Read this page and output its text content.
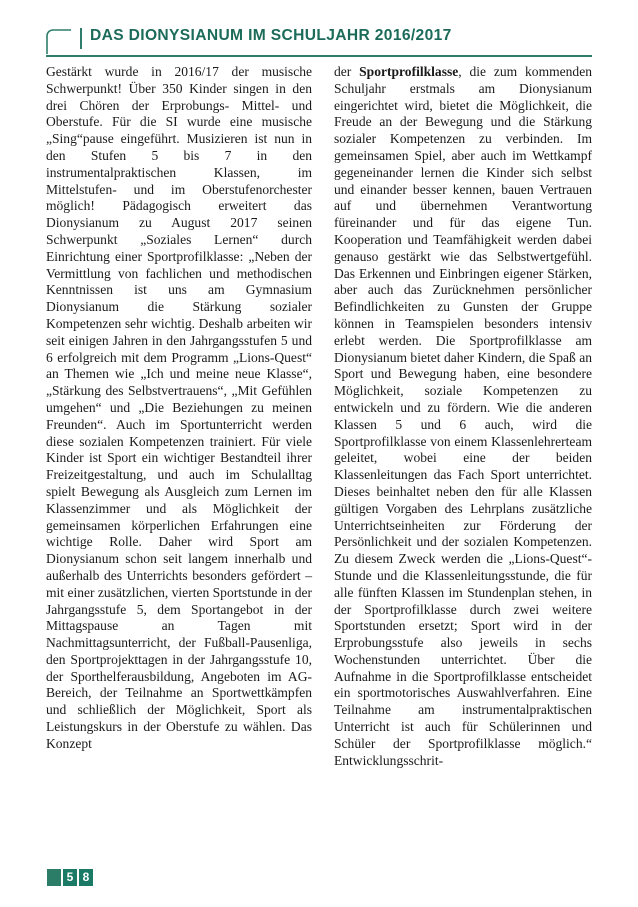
DAS DIONYSIANUM IM SCHULJAHR 2016/2017

Gestärkt wurde in 2016/17 der musische Schwerpunkt! Über 350 Kinder singen in den drei Chören der Erprobungs- Mittel- und Oberstufe. Für die SI wurde eine musische „Sing“pause eingeführt. Musizieren ist nun in den Stufen 5 bis 7 in den instrumentalpraktischen Klassen, im Mittelstufen- und im Oberstufenorchester möglich! Pädagogisch erweitert das Dionysianum zu August 2017 seinen Schwerpunkt „Soziales Lernen“ durch Einrichtung einer Sportprofilklasse: „Neben der Vermittlung von fachlichen und methodischen Kenntnissen ist uns am Gymnasium Dionysianum die Stärkung sozialer Kompetenzen sehr wichtig. Deshalb arbeiten wir seit einigen Jahren in den Jahrgangsstufen 5 und 6 erfolgreich mit dem Programm „Lions-Quest“ an Themen wie „Ich und meine neue Klasse“, „Stärkung des Selbstvertrauens“, „Mit Gefühlen umgehen“ und „Die Beziehungen zu meinen Freunden“. Auch im Sportunterricht werden diese sozialen Kompetenzen trainiert. Für viele Kinder ist Sport ein wichtiger Bestandteil ihrer Freizeitgestaltung, und auch im Schulalltag spielt Bewegung als Ausgleich zum Lernen im Klassenzimmer und als Möglichkeit der gemeinsamen körperlichen Erfahrungen eine wichtige Rolle. Daher wird Sport am Dionysianum schon seit langem innerhalb und außerhalb des Unterrichts besonders gefördert – mit einer zusätzlichen, vierten Sportstunde in der Jahrgangsstufe 5, dem Sportangebot in der Mittagspause an Tagen mit Nachmittagsunterricht, der Fußball-Pausenliga, den Sportprojekttagen in der Jahrgangsstufe 10, der Sporthelferausbildung, Angeboten im AG-Bereich, der Teilnahme an Sportwettkämpfen und schließlich der Möglichkeit, Sport als Leistungskurs in der Oberstufe zu wählen. Das Konzept

der Sportprofilklasse, die zum kommenden Schuljahr erstmals am Dionysianum eingerichtet wird, bietet die Möglichkeit, die Freude an der Bewegung und die Stärkung sozialer Kompetenzen zu verbinden. Im gemeinsamen Spiel, aber auch im Wettkampf gegeneinander lernen die Kinder sich selbst und einander besser kennen, bauen Vertrauen auf und übernehmen Verantwortung füreinander und für das eigene Tun. Kooperation und Teamfähigkeit werden dabei genauso gestärkt wie das Selbstwertgefühl. Das Erkennen und Einbringen eigener Stärken, aber auch das Zurücknehmen persönlicher Befindlichkeiten zu Gunsten der Gruppe können in Teamspielen besonders intensiv erlebt werden. Die Sportprofilklasse am Dionysianum bietet daher Kindern, die Spaß an Sport und Bewegung haben, eine besondere Möglichkeit, soziale Kompetenzen zu entwickeln und zu fördern. Wie die anderen Klassen 5 und 6 auch, wird die Sportprofilklasse von einem Klassenlehrerteam geleitet, wobei eine der beiden Klassenleitungen das Fach Sport unterrichtet. Dieses beinhaltet neben den für alle Klassen gültigen Vorgaben des Lehrplans zusätzliche Unterrichtseinheiten zur Förderung der Persönlichkeit und der sozialen Kompetenzen. Zu diesem Zweck werden die „Lions-Quest“-Stunde und die Klassenleitungsstunde, die für alle fünften Klassen im Stundenplan stehen, in der Sportprofilklasse durch zwei weitere Sportstunden ersetzt; Sport wird in der Erprobungsstufe also jeweils in sechs Wochenstunden unterrichtet. Über die Aufnahme in die Sportprofilklasse entscheidet ein sportmotorisches Auswahlverfahren. Eine Teilnahme am instrumentalpraktischen Unterricht ist auch für Schülerinnen und Schüler der Sportprofilklasse möglich.“ Entwicklungsschrit-

5 8
